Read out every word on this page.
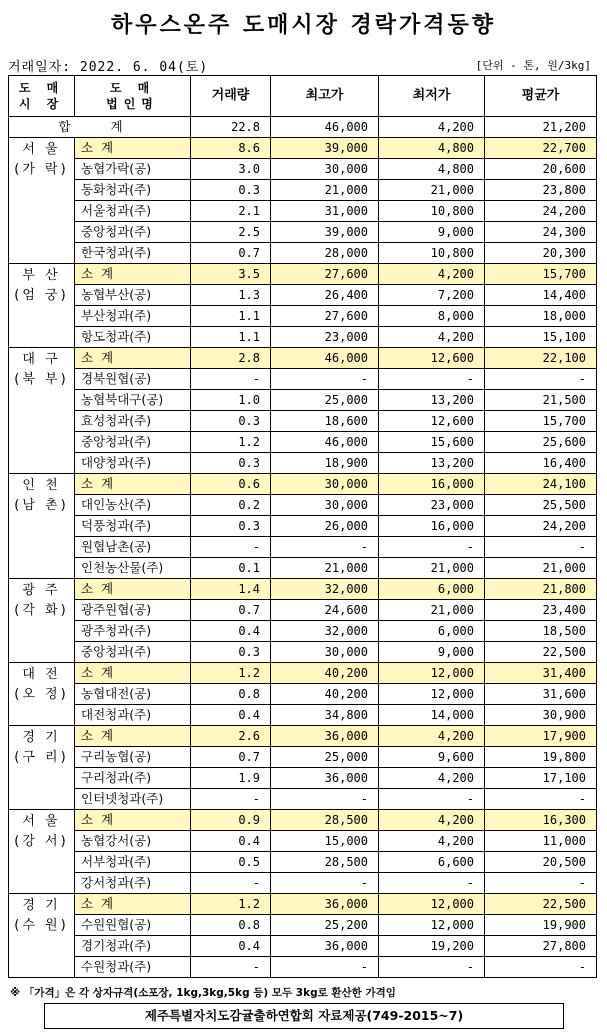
하우스온주 도매시장 경락가격동향
거래일자: 2022. 6. 04(토)	[단위 - 톤, 원/3kg]
도 매
시 장	도 매
법인명	거래량	최고가	최저가	평균가
합 계		22.8	46,000	4,200	21,200
서 울
(가 락)	소 계	8.6	39,000	4,800	22,700
	농협가락(공)	3.0	30,000	4,800	20,600
	동화청과(주)	0.3	21,000	21,000	23,800
	서울청과(주)	2.1	31,000	10,800	24,200
	중앙청과(주)	2.5	39,000	9,000	24,300
	한국청과(주)	0.7	28,000	10,800	20,300
부 산
(엄 궁)	소 계	3.5	27,600	4,200	15,700
	농협부산(공)	1.3	26,400	7,200	14,400
	부산청과(주)	1.1	27,600	8,000	18,000
	항도청과(주)	1.1	23,000	4,200	15,100
대 구
(북 부)	소 계	2.8	46,000	12,600	22,100
	경북원협(공)	-	-	-	-
	농협북대구(공)	1.0	25,000	13,200	21,500
	효성청과(주)	0.3	18,600	12,600	15,700
	중앙청과(주)	1.2	46,000	15,600	25,600
	대양청과(주)	0.3	18,900	13,200	16,400
인 천
(남 촌)	소 계	0.6	30,000	16,000	24,100
	대인농산(주)	0.2	30,000	23,000	25,500
	덕풍청과(주)	0.3	26,000	16,000	24,200
	원협남촌(공)	-	-	-	-
	인천농산물(주)	0.1	21,000	21,000	21,000
광 주
(각 화)	소 계	1.4	32,000	6,000	21,800
	광주원협(공)	0.7	24,600	21,000	23,400
	광주청과(주)	0.4	32,000	6,000	18,500
	중앙청과(주)	0.3	30,000	9,000	22,500
대 전
(오 정)	소 계	1.2	40,200	12,000	31,400
	농협대전(공)	0.8	40,200	12,000	31,600
	대전청과(주)	0.4	34,800	14,000	30,900
경 기
(구 리)	소 계	2.6	36,000	4,200	17,900
	구리농협(공)	0.7	25,000	9,600	19,800
	구리청과(주)	1.9	36,000	4,200	17,100
	인터넷청과(주)	-	-	-	-
서 울
(강 서)	소 계	0.9	28,500	4,200	16,300
	농협강서(공)	0.4	15,000	4,200	11,000
	서부청과(주)	0.5	28,500	6,600	20,500
	강서청과(주)	-	-	-	-
경 기
(수 원)	소 계	1.2	36,000	12,000	22,500
	수원원협(공)	0.8	25,200	12,000	19,900
	경기청과(주)	0.4	36,000	19,200	27,800
	수원청과(주)	-	-	-	-
※ 「가격」은 각 상자규격(소포장, 1kg,3kg,5kg 등) 모두 3kg로 환산한 가격임
제주특별자치도감귤출하연합회 자료제공(749-2015~7)
